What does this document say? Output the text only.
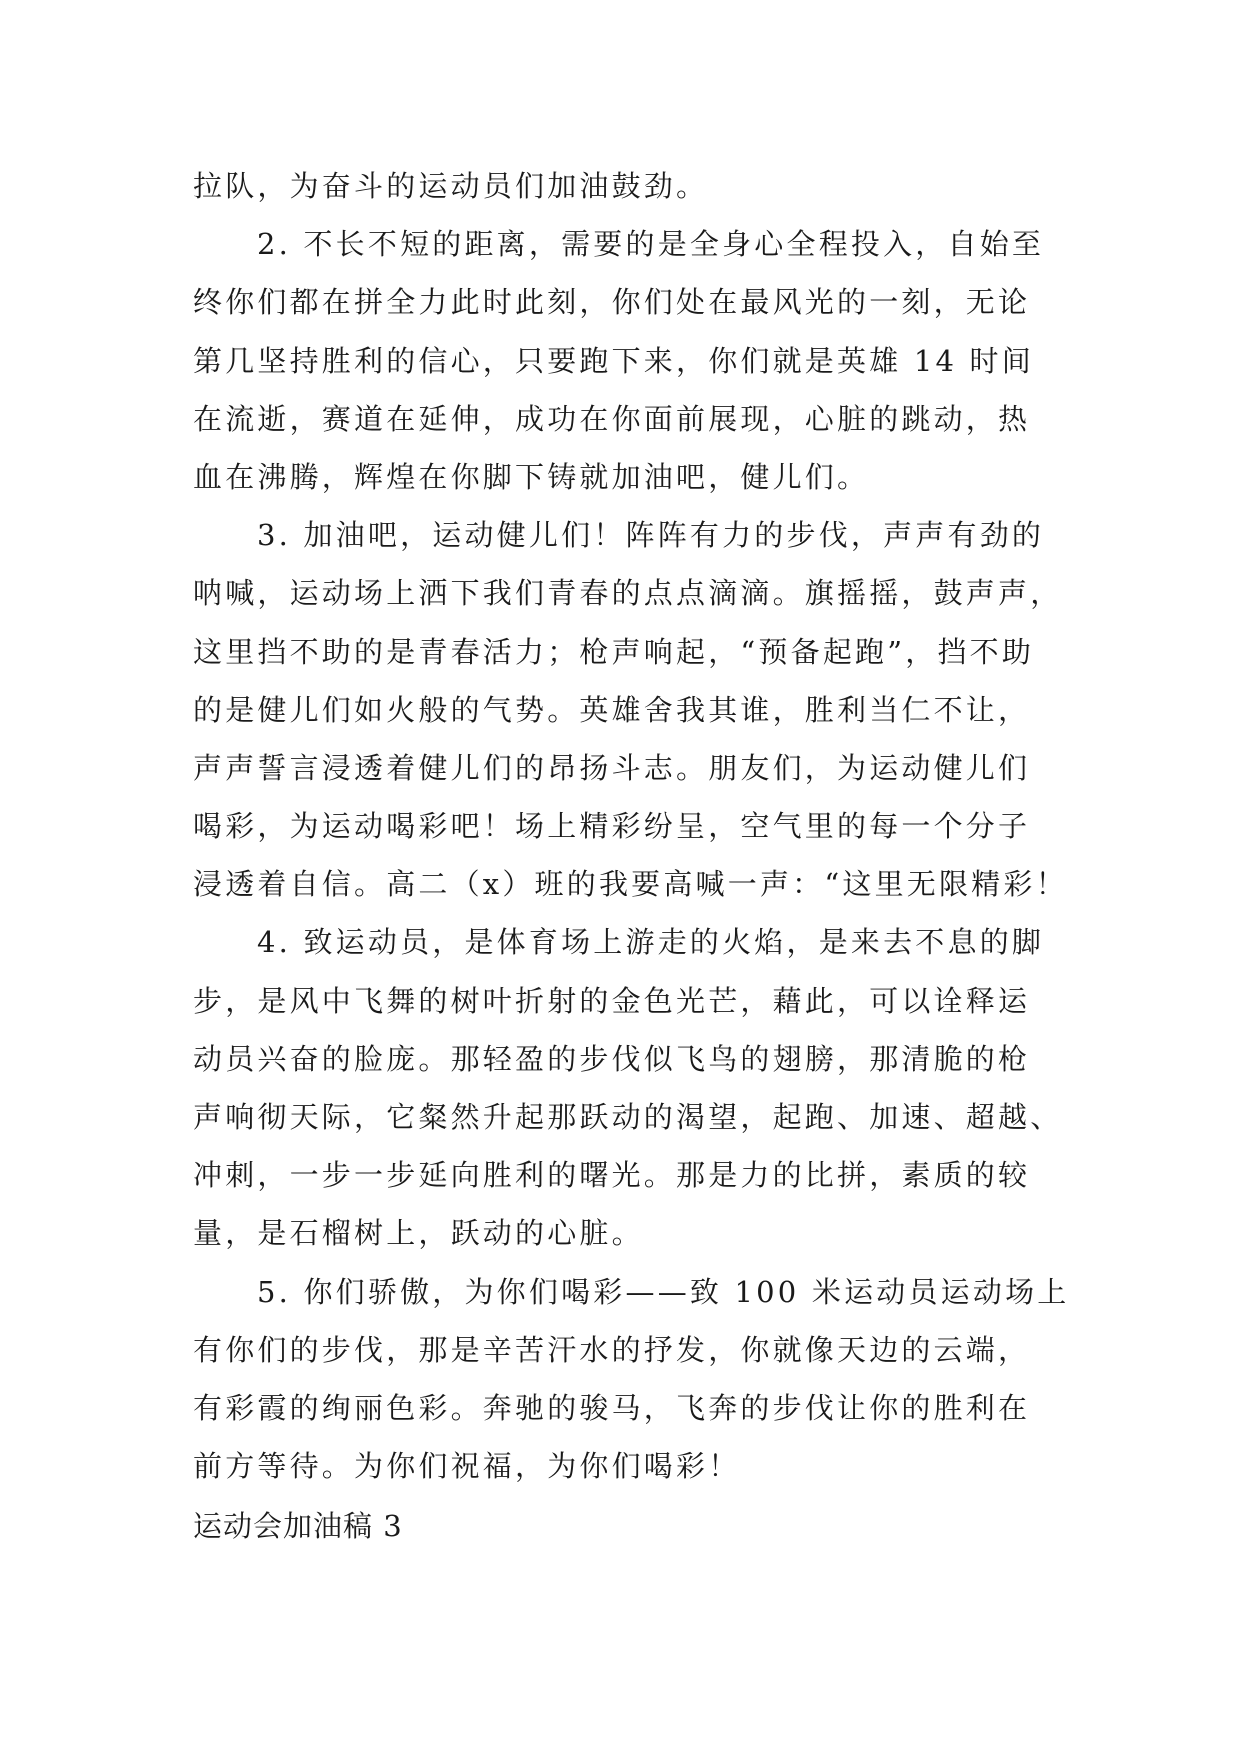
拉队，为奋斗的运动员们加油鼓劲。
2. 不长不短的距离，需要的是全身心全程投入，自始至
终你们都在拼全力此时此刻，你们处在最风光的一刻，无论
第几坚持胜利的信心，只要跑下来，你们就是英雄 14 时间
在流逝，赛道在延伸，成功在你面前展现，心脏的跳动，热
血在沸腾，辉煌在你脚下铸就加油吧，健儿们。
3. 加油吧，运动健儿们！阵阵有力的步伐，声声有劲的
呐喊，运动场上洒下我们青春的点点滴滴。旗摇摇，鼓声声，
这里挡不助的是青春活力；枪声响起，“预备起跑”，挡不助
的是健儿们如火般的气势。英雄舍我其谁，胜利当仁不让，
声声誓言浸透着健儿们的昂扬斗志。朋友们，为运动健儿们
喝彩，为运动喝彩吧！场上精彩纷呈，空气里的每一个分子
浸透着自信。高二（x）班的我要高喊一声：“这里无限精彩！
4. 致运动员，是体育场上游走的火焰，是来去不息的脚
步，是风中飞舞的树叶折射的金色光芒，藉此，可以诠释运
动员兴奋的脸庞。那轻盈的步伐似飞鸟的翅膀，那清脆的枪
声响彻天际，它粲然升起那跃动的渴望，起跑、加速、超越、
冲刺，一步一步延向胜利的曙光。那是力的比拼，素质的较
量，是石榴树上，跃动的心脏。
5. 你们骄傲，为你们喝彩——致 100 米运动员运动场上
有你们的步伐，那是辛苦汗水的抒发，你就像天边的云端，
有彩霞的绚丽色彩。奔驰的骏马，飞奔的步伐让你的胜利在
前方等待。为你们祝福，为你们喝彩！
运动会加油稿 3
